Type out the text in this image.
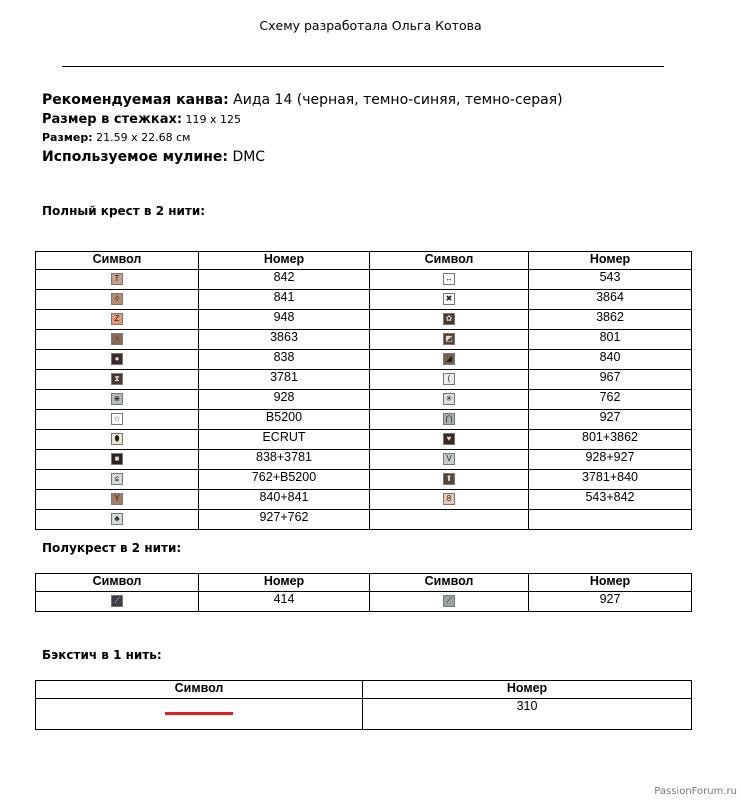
Схему разработала Ольга Котова
Рекомендуемая канва: Аида 14 (черная, темно-синяя, темно-серая)
Размер в стежках: 119 x 125
Размер: 21.59 x 22.68 см
Используемое мулине: DMC
Полный крест в 2 нити:
Символ	Номер	Символ	Номер
T	842	↔	543
◊	841	✖	3864
Z	948	✿	3862
▫	3863	◩	801
●	838	◢	840
⧗	3781	(	967
⋇	928	✳	762
☆	B5200	⋂	927
⬮	ECRUT	♥	801+3862
■	838+3781	V	928+927
ɕ	762+B5200	⬆	3781+840
Y	840+841	8	543+842
♣	927+762		
Полукрест в 2 нити:
Символ	Номер	Символ	Номер
⟋	414	⟋	927
Бэкстич в 1 нить:
Символ	Номер
	310
PassionForum.ru
